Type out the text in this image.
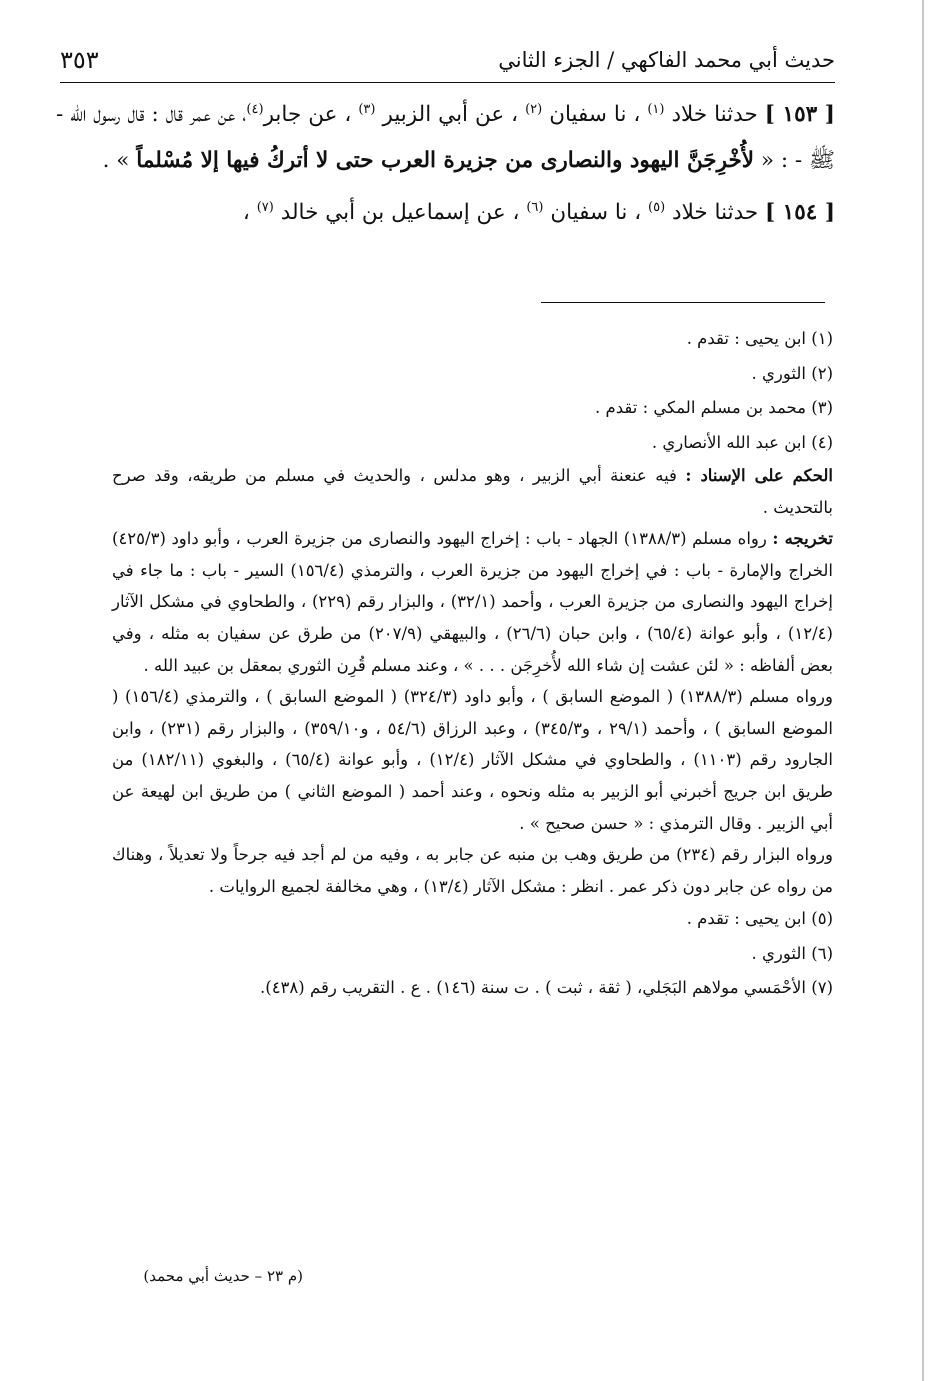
حديث أبي محمد الفاكهي / الجزء الثاني
٣٥٣

[ ١٥٣ ] حدثنا خلاد $^{(١)}$ ، نا سفيان $^{(٢)}$ ، عن أبي الزبير $^{(٣)}$ ، عن جابر$^{(٤)}$، عن عمر قال : قال رسول الله - ﷺ - : « لأُخْرِجَنَّ اليهود والنصارى من جزيرة العرب حتى لا أتركُ فيها إلا مُسْلماً » .

[ ١٥٤ ] حدثنا خلاد $^{(٥)}$ ، نا سفيان $^{(٦)}$ ، عن إسماعيل بن أبي خالد $^{(٧)}$ ،

(١) ابن يحيى : تقدم .

(٢) الثوري .

(٣) محمد بن مسلم المكي : تقدم .

(٤) ابن عبد الله الأنصاري .

الحكم على الإسناد : فيه عنعنة أبي الزبير ، وهو مدلس ، والحديث في مسلم من طريقه، وقد صرح بالتحديث .

تخريجه : رواه مسلم (١٣٨٨/٣) الجهاد - باب : إخراج اليهود والنصارى من جزيرة العرب ، وأبو داود (٤٢٥/٣) الخراج والإمارة - باب : في إخراج اليهود من جزيرة العرب ، والترمذي (١٥٦/٤) السير - باب : ما جاء في إخراج اليهود والنصارى من جزيرة العرب ، وأحمد (٣٢/١) ، والبزار رقم (٢٢٩) ، والطحاوي في مشكل الآثار (١٢/٤) ، وأبو عوانة (٦٥/٤) ، وابن حبان (٢٦/٦) ، والبيهقي (٢٠٧/٩) من طرق عن سفيان به مثله ، وفي بعض ألفاظه : « لئن عشت إن شاء الله لأُخرِجَن . . . » ، وعند مسلم قُرِن الثوري بمعقل بن عبيد الله .

ورواه مسلم (١٣٨٨/٣) ( الموضع السابق ) ، وأبو داود (٣٢٤/٣) ( الموضع السابق ) ، والترمذي (١٥٦/٤) ( الموضع السابق ) ، وأحمد (٢٩/١ ، و٣٤٥/٣) ، وعبد الرزاق (٥٤/٦ ، و٣٥٩/١٠) ، والبزار رقم (٢٣١) ، وابن الجارود رقم (١١٠٣) ، والطحاوي في مشكل الآثار (١٢/٤) ، وأبو عوانة (٦٥/٤) ، والبغوي (١٨٢/١١) من طريق ابن جريج أخبرني أبو الزبير به مثله ونحوه ، وعند أحمد ( الموضع الثاني ) من طريق ابن لهيعة عن أبي الزبير . وقال الترمذي : « حسن صحيح » .

ورواه البزار رقم (٢٣٤) من طريق وهب بن منبه عن جابر به ، وفيه من لم أجد فيه جرحاً ولا تعديلاً ، وهناك من رواه عن جابر دون ذكر عمر . انظر : مشكل الآثار (١٣/٤) ، وهي مخالفة لجميع الروايات .

(٥) ابن يحيى : تقدم .

(٦) الثوري .

(٧) الأحْمَسي مولاهم البَجَلي، ( ثقة ، ثبت ) . ت سنة (١٤٦) . ع . التقريب رقم (٤٣٨).

(م ٢٣ – حديث أبي محمد)
